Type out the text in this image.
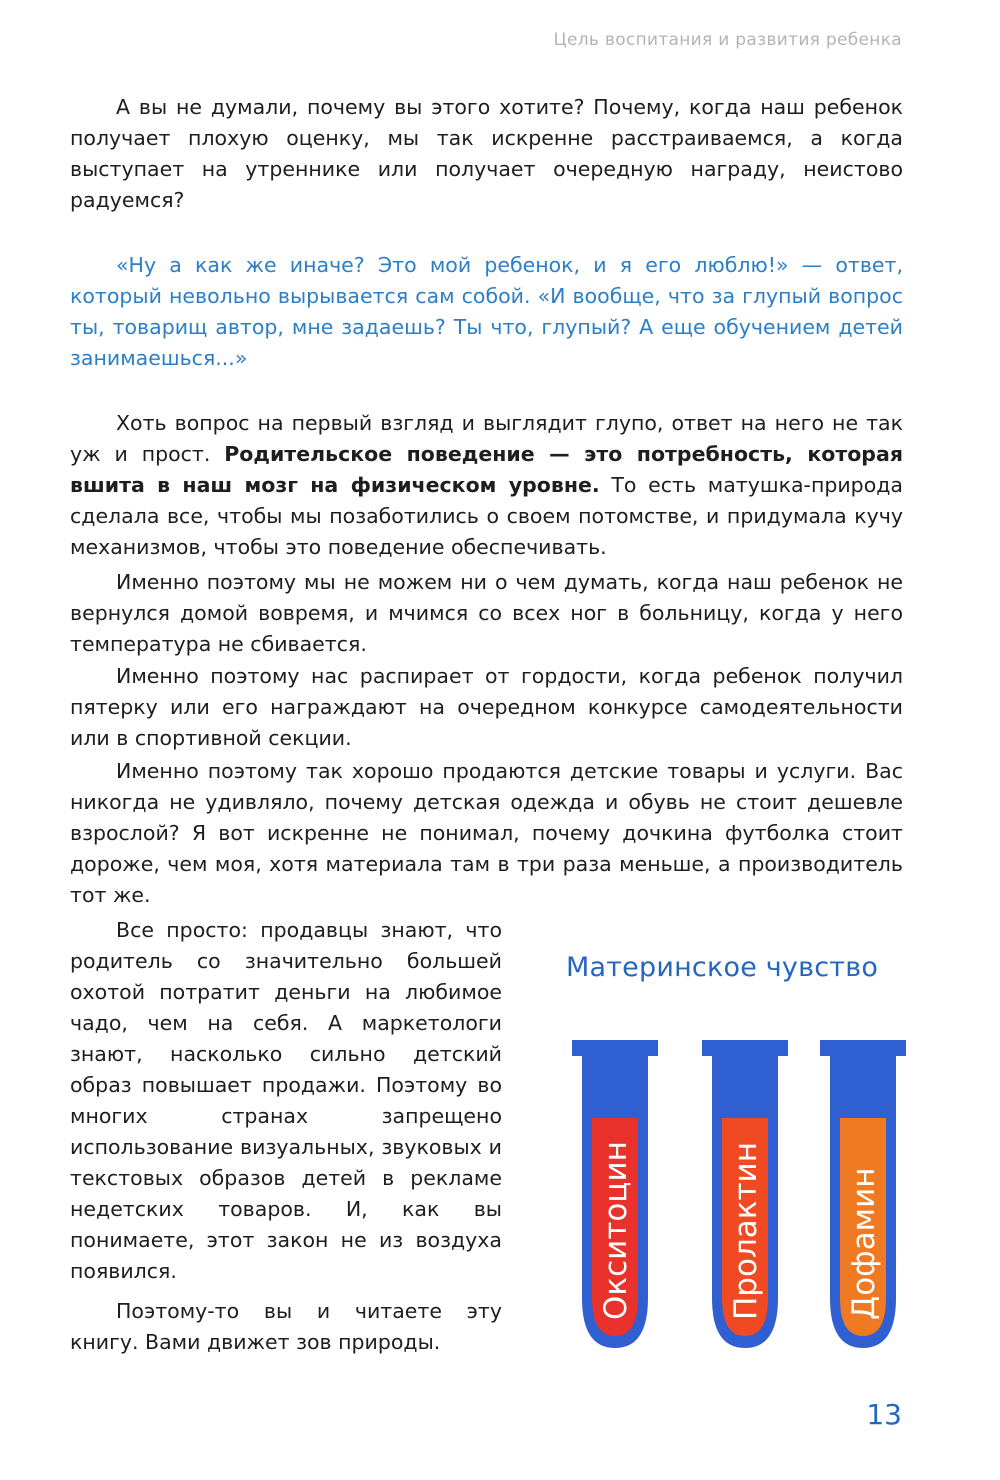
Цель воспитания и развития ребенка

А вы не думали, почему вы этого хотите? Почему, когда наш ребенок получает плохую оценку, мы так искренне расстраиваемся, а когда выступает на утреннике или получает очередную награду, неистово радуемся?

«Ну а как же иначе? Это мой ребенок, и я его люблю!» — ответ, который невольно вырывается сам собой. «И вообще, что за глупый вопрос ты, товарищ автор, мне задаешь? Ты что, глупый? А еще обучением детей занимаешься...»

Хоть вопрос на первый взгляд и выглядит глупо, ответ на него не так уж и прост. Родительское поведение — это потребность, которая вшита в наш мозг на физическом уровне. То есть матушка-природа сделала все, чтобы мы позаботились о своем потомстве, и придумала кучу механизмов, чтобы это поведение обеспечивать.

Именно поэтому мы не можем ни о чем думать, когда наш ребенок не вернулся домой вовремя, и мчимся со всех ног в больницу, когда у него температура не сбивается.

Именно поэтому нас распирает от гордости, когда ребенок получил пятерку или его награждают на очередном конкурсе самодеятельности или в спортивной секции.

Именно поэтому так хорошо продаются детские товары и услуги. Вас никогда не удивляло, почему детская одежда и обувь не стоит дешевле взрослой? Я вот искренне не понимал, почему дочкина футболка стоит дороже, чем моя, хотя материала там в три раза меньше, а производитель тот же.

Все просто: продавцы знают, что родитель со значительно большей охотой потратит деньги на любимое чадо, чем на себя. А маркетологи знают, насколько сильно детский образ повышает продажи. Поэтому во многих странах запрещено использование визуальных, звуковых и текстовых образов детей в рекламе недетских товаров. И, как вы понимаете, этот закон не из воздуха появился.

Поэтому-то вы и читаете эту книгу. Вами движет зов природы.

Материнское чувство
Окситоцин	Пролактин	Дофамин
13
